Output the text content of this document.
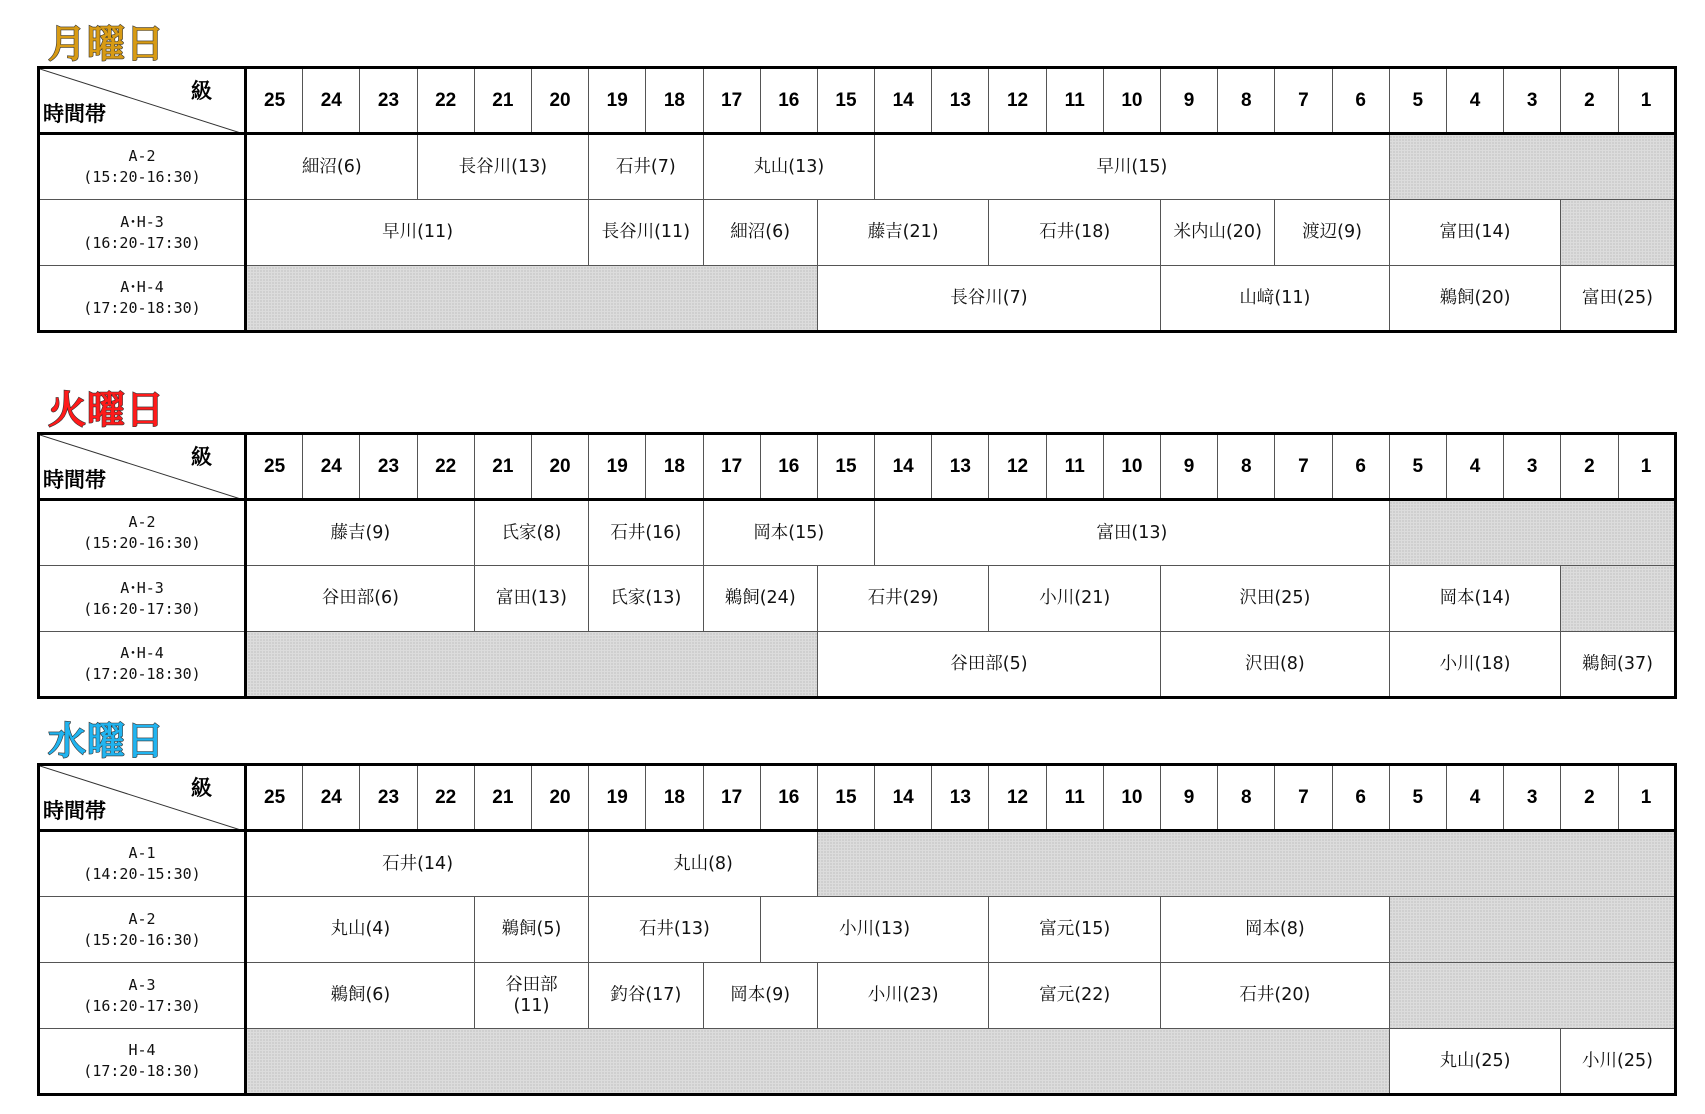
月曜日
級
時間帯	25	24	23	22	21	20	19	18	17	16	15	14	13	12	11	10	9	8	7	6	5	4	3	2	1

A-2
(15:20-16:30)	細沼(6)			長谷川(13)			石井(7)		丸山(13)			早川(15)													

A･H-3
(16:20-17:30)	早川(11)						長谷川(11)		細沼(6)		藤吉(21)			石井(18)			米内山(20)		渡辺(9)		富田(14)				

A･H-4
(17:20-18:30)											長谷川(7)						山﨑(11)				鵜飼(20)			富田(25)	
火曜日
級
時間帯	25	24	23	22	21	20	19	18	17	16	15	14	13	12	11	10	9	8	7	6	5	4	3	2	1

A-2
(15:20-16:30)	藤吉(9)				氏家(8)		石井(16)		岡本(15)			富田(13)													

A･H-3
(16:20-17:30)	谷田部(6)				富田(13)		氏家(13)		鵜飼(24)		石井(29)			小川(21)			沢田(25)				岡本(14)				

A･H-4
(17:20-18:30)											谷田部(5)						沢田(8)				小川(18)			鵜飼(37)	
水曜日
級
時間帯	25	24	23	22	21	20	19	18	17	16	15	14	13	12	11	10	9	8	7	6	5	4	3	2	1

A-1
(14:20-15:30)	石井(14)						丸山(8)																		

A-2
(15:20-16:30)	丸山(4)				鵜飼(5)		石井(13)			小川(13)				富元(15)			岡本(8)								

A-3
(16:20-17:30)	鵜飼(6)				谷田部
(11)		釣谷(17)		岡本(9)		小川(23)			富元(22)			石井(20)								

H-4
(17:20-18:30)																					丸山(25)			小川(25)	
